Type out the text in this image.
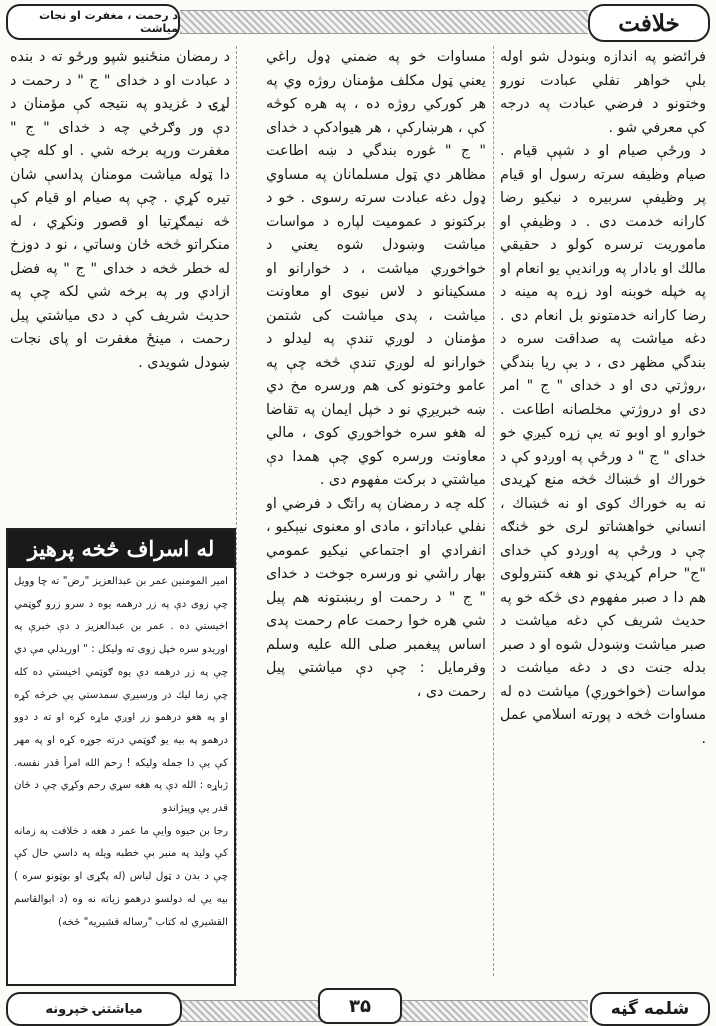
خلافت
د رحمت ، مغفرت او نجات میاشت

فرائضو په اندازه وبنودل شو اوله بلې خواهر نفلي عبادت نورو وختونو د فرضي عبادت په درجه کې معرفي شو .

د ورځې صيام او د شپې قيام . صيام وظيفه سرته رسول او قيام پر وظيفې سربيره د نيکيو رضا كارانه خدمت دى . د وظيفې او ماموريت ترسره كولو د حقيقي مالك او بادار په ورانديې يو انعام او په خپله خوبنه اود زړه په مينه د رضا كارانه خدمتونو بل انعام دى . دغه مياشت په صداقت سره د بندگي مظهر دى ، د بې ريا بندگي ،روژتي دى او د خداى " ج " امر دى او دروژتي مخلصانه اطاعت . خوارو او اوبو ته يې زړه كيږي خو خداى " ج " د ورځې په اوږدو كې د خوراك او څښاك څخه منع كړيدى نه به خوراك كوى او نه څښاك ، انساني خواهشاتو لرى خو څنګه چې د ورځې په اوږدو كې خداى "ج" حرام كړيدي نو هغه كنترولوى هم دا د صبر مفهوم دى څكه خو په حديث شريف كې دغه مياشت د صبر مياشت وښودل شوه او د صبر بدله جنت دى د دغه مياشت د مواسات (خواخوږي) مياشت ده له مساوات څخه د پورته اسلامي عمل .

مساوات خو په ضمني ډول راغي يعني ټول مكلف مؤمنان روژه وي په هر كوركي روژه ده ، په هره كوڅه كې ، هرښاركې ، هر هيوادكې د خداى " ج " غوره بندگي د ښه اطاعت مظاهر دي ټول مسلمانان په مساوي ډول دغه عبادت سرته رسوى . خو د بركتونو د عموميت لپاره د مواسات مياشت وښودل شوه يعني د خواخوږي مياشت ، د خوارانو او مسكينانو د لاس نيوى او معاونت مياشت ، پدى مياشت كى شتمن مؤمنان د لوږي تندې په ليدلو د خوارانو له لوږي تندې څخه چې په عامو وختونو كى هم ورسره مخ دي ښه خبريږي نو د خپل ايمان په تقاضا له هغو سره خواخوږي كوى ، مالي معاونت ورسره كوي چې همدا دې مياشتي د بركت مفهوم دى .

كله چه د رمضان په راتګ د فرضي او نفلي عباداتو ، مادى او معنوى نيېكيو ، انفرادي او اجتماعي نيكيو عمومي بهار راشي نو ورسره جوخت د خداى " ج " د رحمت او ربښتونه هم پيل شي هره خوا رحمت عام رحمت پدى اساس پيغمبر صلى الله عليه وسلم وفرمايل : چې دې مياشتي پيل رحمت دى ،

د رمضان منځنيو شپو ورځو ته د بنده د عبادت او د خداى " ج " د رحمت د لړۍ د غزيدو په نتيجه كې مؤمنان د دې ور وګرځي چه د خداى " ج " مغفرت ورپه برخه شي . او كله چې دا ټوله مياشت مومنان پداسې شان تيره كړي . چې په صيام او قيام كې څه نيمګړتيا او قصور ونكړي ، له منكراتو څخه ځان وساتي ، نو د دوزخ له خطر څخه د خداى " ج " په فضل ازادي ور په برخه شي لكه چې په حديث شريف كې د دى مياشتي پيل رحمت ، مينځ مغفرت او پاى نجات ښودل شويدى .

له اسراف څخه پرهیز

امير المومنين عمر بن عبدالعزيز "رض" ته چا وويل چې زوى دې په زر درهمه يوه د سرو زرو ګوټمي اخيستي ده . عمر بن عبدالعزيز د دې خبرې په اوريدو سره خپل زوى ته وليكل : " اوريدلي مې دي چې په زر درهمه دې يوه ګوټمي اخيستي ده كله چې زما ليك در ورسيږي سمدستي يې خرڅه كړه او په هغو درهمو زر اوږي ماړه كړه او ته د دوو درهمو په بيه يو ګوټمي درته جوړه كړه او په مهر كې يې دا جمله وليكه ! رحم الله امرأ قدر نفسه. ژباړه : الله دې په هغه سړي رحم وكړي چې د ځان قدر يې وپيژاندو

رجا بن حيوه وايې ما عمر د هغه د خلافت په زمانه كې وليد په منبر بې خطبه ويله په داسي حال كې چې د بدن د ټول لباس (له پګړی او بوټونو سره ) بيه يې له دولسو درهمو زياته نه وه (د ابوالقاسم القشيري له كتاب "رساله قشيريه" څخه)

شلمه گڼه
۳۵
میاشتنۍ خپرونه
